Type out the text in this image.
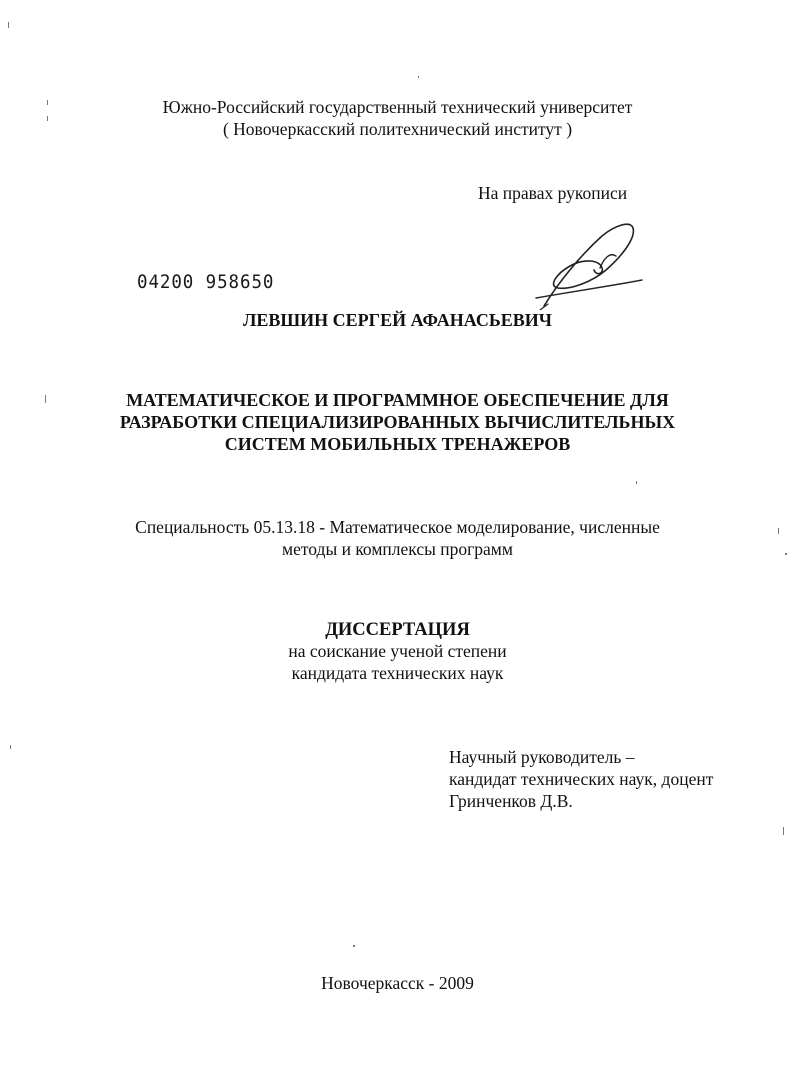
Южно-Российский государственный технический университет
( Новочеркасский политехнический институт )
На правах рукописи
04200 958650
ЛЕВШИН СЕРГЕЙ АФАНАСЬЕВИЧ
МАТЕМАТИЧЕСКОЕ И ПРОГРАММНОЕ ОБЕСПЕЧЕНИЕ ДЛЯ
РАЗРАБОТКИ СПЕЦИАЛИЗИРОВАННЫХ ВЫЧИСЛИТЕЛЬНЫХ
СИСТЕМ МОБИЛЬНЫХ ТРЕНАЖЕРОВ
Специальность 05.13.18 - Математическое моделирование, численные
методы и комплексы программ
ДИССЕРТАЦИЯ
на соискание ученой степени
кандидата технических наук
Научный руководитель –
кандидат технических наук, доцент
Гринченков Д.В.
Новочеркасск - 2009
